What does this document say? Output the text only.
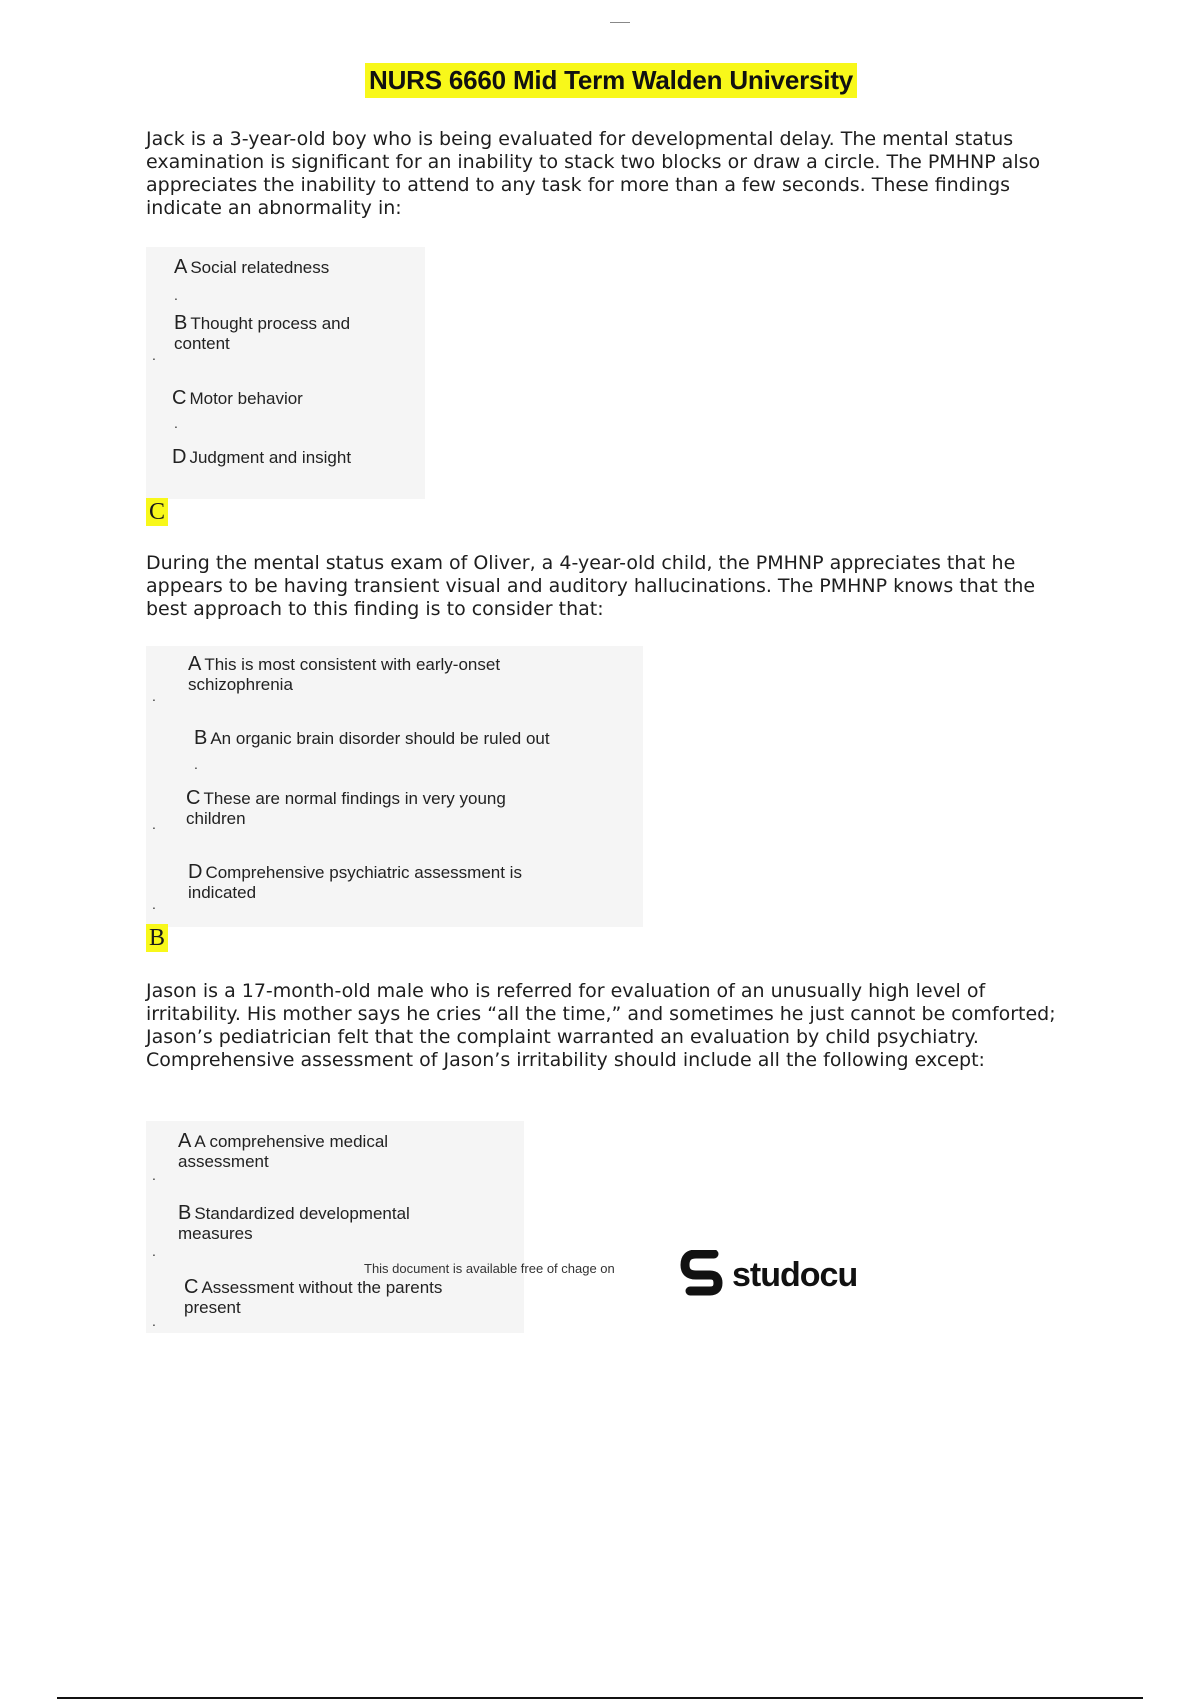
NURS 6660 Mid Term Walden University
Jack is a 3-year-old boy who is being evaluated for developmental delay. The mental status examination is significant for an inability to stack two blocks or draw a circle. The PMHNP also appreciates the inability to attend to any task for more than a few seconds. These findings indicate an abnormality in:
A Social relatedness
.
B Thought process and content
.
C Motor behavior
.
D Judgment and insight
C
During the mental status exam of Oliver, a 4-year-old child, the PMHNP appreciates that he appears to be having transient visual and auditory hallucinations. The PMHNP knows that the best approach to this finding is to consider that:
A This is most consistent with early-onset schizophrenia
.
B An organic brain disorder should be ruled out
.
C These are normal findings in very young children
.
D Comprehensive psychiatric assessment is indicated
.
B
Jason is a 17-month-old male who is referred for evaluation of an unusually high level of irritability. His mother says he cries “all the time,” and sometimes he just cannot be comforted; Jason’s pediatrician felt that the complaint warranted an evaluation by child psychiatry. Comprehensive assessment of Jason’s irritability should include all the following except:
A A comprehensive medical assessment
.
B Standardized developmental measures
.
C Assessment without the parents present
.
This document is available free of chage on	studocu
